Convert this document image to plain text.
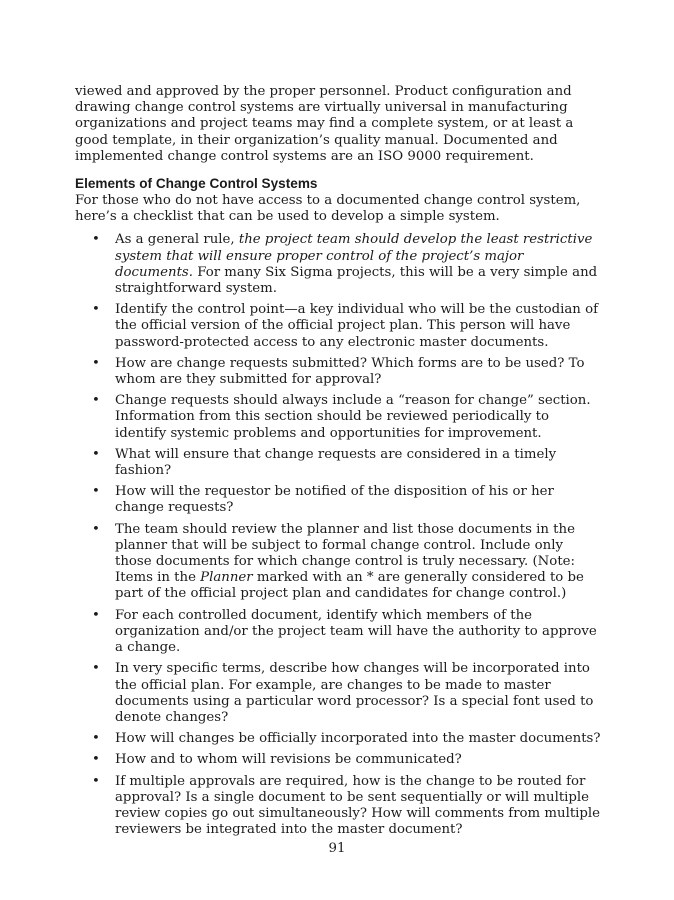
viewed and approved by the proper personnel. Product configuration and drawing change control systems are virtually universal in manufacturing organizations and project teams may find a complete system, or at least a good template, in their organization’s quality manual. Documented and implemented change control systems are an ISO 9000 requirement.

Elements of Change Control Systems

For those who do not have access to a documented change control system, here’s a checklist that can be used to develop a simple system.

• As a general rule, the project team should develop the least restrictive system that will ensure proper control of the project’s major documents. For many Six Sigma projects, this will be a very simple and straightforward system.
• Identify the control point—a key individual who will be the custodian of the official version of the official project plan. This person will have password-protected access to any electronic master documents.
• How are change requests submitted? Which forms are to be used? To whom are they submitted for approval?
• Change requests should always include a “reason for change” section. Information from this section should be reviewed periodically to identify systemic problems and opportunities for improvement.
• What will ensure that change requests are considered in a timely fashion?
• How will the requestor be notified of the disposition of his or her change requests?
• The team should review the planner and list those documents in the planner that will be subject to formal change control. Include only those documents for which change control is truly necessary. (Note: Items in the Planner marked with an * are generally considered to be part of the official project plan and candidates for change control.)
• For each controlled document, identify which members of the organization and/or the project team will have the authority to approve a change.
• In very specific terms, describe how changes will be incorporated into the official plan. For example, are changes to be made to master documents using a particular word processor? Is a special font used to denote changes?
• How will changes be officially incorporated into the master documents?
• How and to whom will revisions be communicated?
• If multiple approvals are required, how is the change to be routed for approval? Is a single document to be sent sequentially or will multiple review copies go out simultaneously? How will comments from multiple reviewers be integrated into the master document?
91
